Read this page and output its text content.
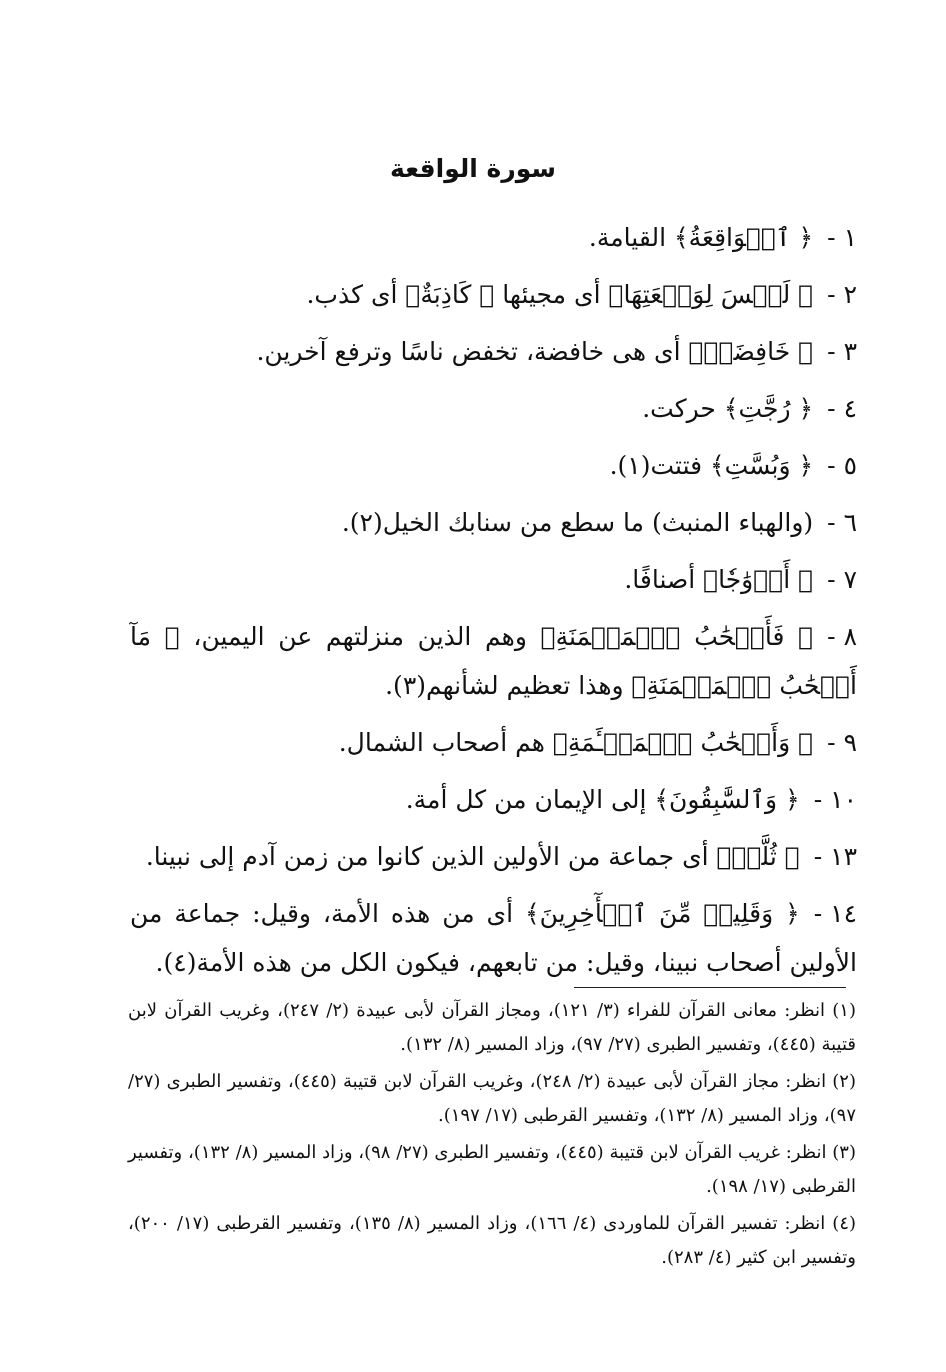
سورة الواقعة

١ -﴿ ٱلۡوَاقِعَةُ﴾ القيامة.

٢ -﴿ لَيۡسَ لِوَقۡعَتِهَا﴾ أى مجيئها ﴿ كَاذِبَةٌ﴾ أى كذب.

٣ -﴿ خَافِضَةٞ﴾ أى هى خافضة، تخفض ناسًا وترفع آخرين.

٤ -﴿ رُجَّتِ﴾ حركت.

٥ -﴿ وَبُسَّتِ﴾ فتتت(١).

٦ -(والهباء المنبث) ما سطع من سنابك الخيل(٢).

٧ -﴿ أَزۡوَٰجٗا﴾ أصنافًا.

٨ -﴿ فَأَصۡحَٰبُ ٱلۡمَيۡمَنَةِ﴾ وهم الذين منزلتهم عن اليمين، ﴿ مَآ أَصۡحَٰبُ ٱلۡمَيۡمَنَةِ﴾ وهذا تعظيم لشأنهم(٣).

٩ -﴿ وَأَصۡحَٰبُ ٱلۡمَشۡـَٔمَةِ﴾ هم أصحاب الشمال.

١٠ -﴿ وَٱلسَّٰبِقُونَ﴾ إلى الإيمان من كل أمة.

١٣ -﴿ ثُلَّةٞ﴾ أى جماعة من الأولين الذين كانوا من زمن آدم إلى نبينا.

١٤ -﴿ وَقَلِيلٞ مِّنَ ٱلۡأٓخِرِينَ﴾ أى من هذه الأمة، وقيل: جماعة من الأولين أصحاب نبينا، وقيل: من تابعهم، فيكون الكل من هذه الأمة(٤).

(١) انظر: معانى القرآن للفراء (٣/ ١٢١)، ومجاز القرآن لأبى عبيدة (٢/ ٢٤٧)، وغريب القرآن لابن قتيبة (٤٤٥)، وتفسير الطبرى (٢٧/ ٩٧)، وزاد المسير (٨/ ١٣٢).

(٢) انظر: مجاز القرآن لأبى عبيدة (٢/ ٢٤٨)، وغريب القرآن لابن قتيبة (٤٤٥)، وتفسير الطبرى (٢٧/ ٩٧)، وزاد المسير (٨/ ١٣٢)، وتفسير القرطبى (١٧/ ١٩٧).

(٣) انظر: غريب القرآن لابن قتيبة (٤٤٥)، وتفسير الطبرى (٢٧/ ٩٨)، وزاد المسير (٨/ ١٣٢)، وتفسير القرطبى (١٧/ ١٩٨).

(٤) انظر: تفسير القرآن للماوردى (٤/ ١٦٦)، وزاد المسير (٨/ ١٣٥)، وتفسير القرطبى (١٧/ ٢٠٠)، وتفسير ابن كثير (٤/ ٢٨٣).
